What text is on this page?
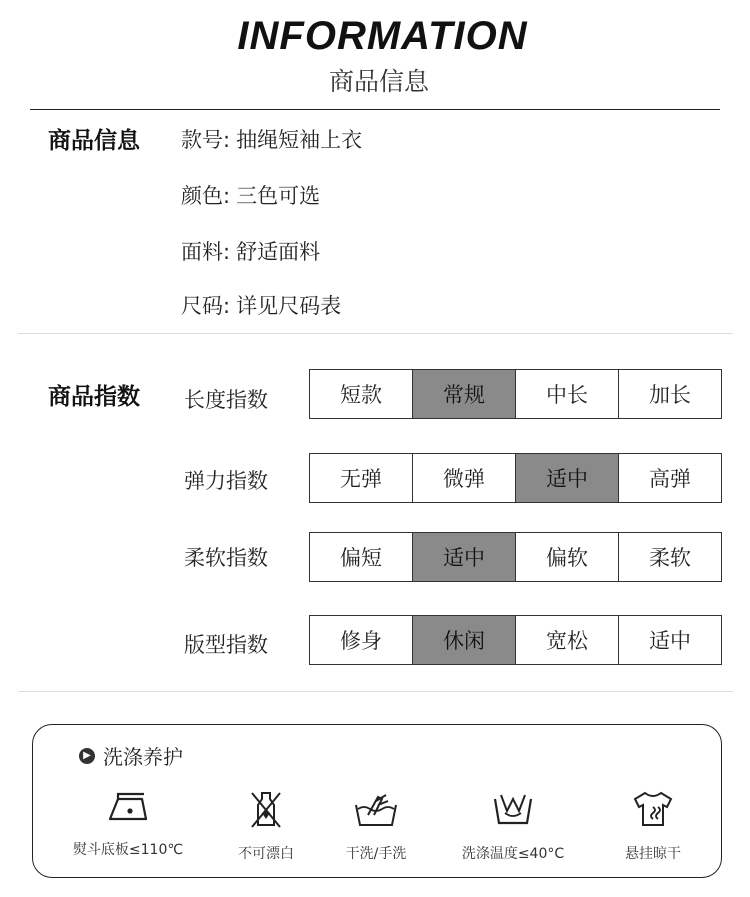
INFORMATION
商品信息
商品信息 款号: 抽绳短袖上衣
颜色: 三色可选
面料: 舒适面料
尺码: 详见尺码表
商品指数 长度指数	短款	常规	中长	加长
弹力指数	无弹	微弹	适中	高弹
柔软指数	偏短	适中	偏软	柔软
版型指数	修身	休闲	宽松	适中
▶ 洗涤养护
熨斗底板≤110℃	不可漂白	干洗/手洗	洗涤温度≤40°C	悬挂晾干
